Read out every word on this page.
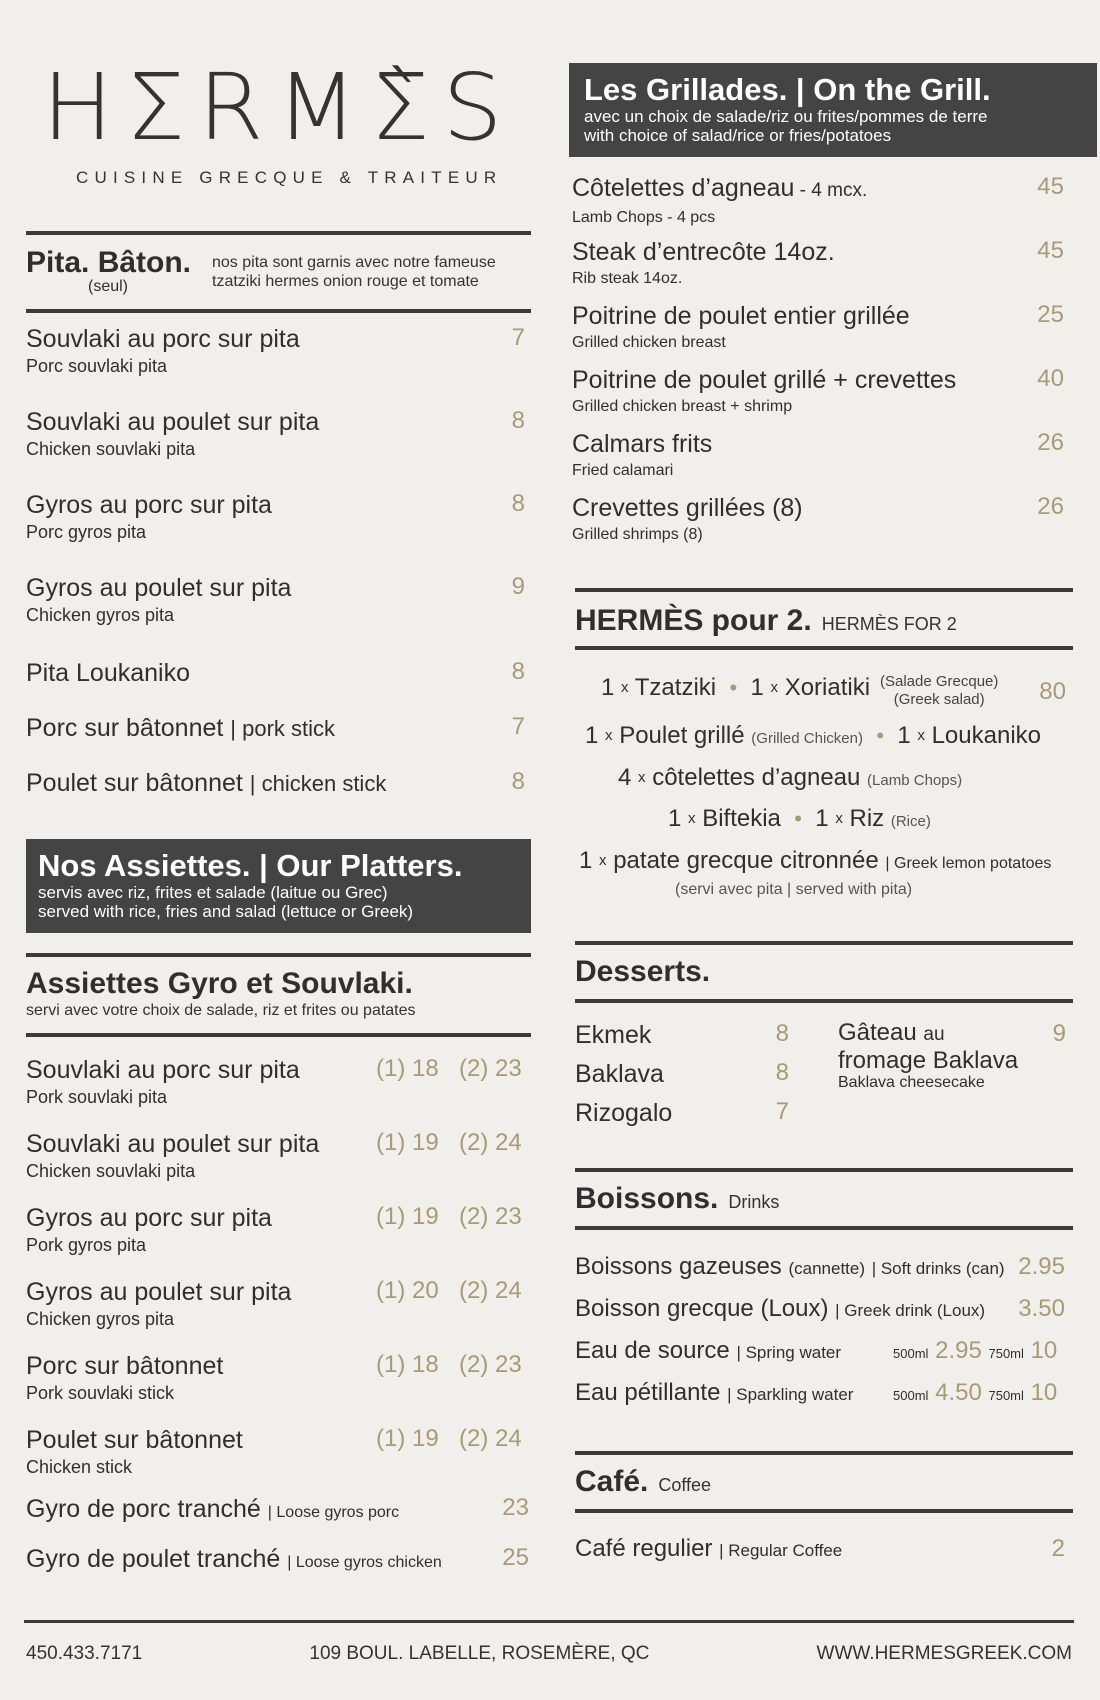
HΣRMΣ̀S
CUISINE GRECQUE & TRAITEUR
Pita. Bâton.
(seul)
nos pita sont garnis avec notre fameuse tzatziki hermes onion rouge et tomate
Souvlaki au porc sur pita
Porc souvlaki pita
7
Souvlaki au poulet sur pita
Chicken souvlaki pita
8
Gyros au porc sur pita
Porc gyros pita
8
Gyros au poulet sur pita
Chicken gyros pita
9
Pita Loukaniko	8
Porc sur bâtonnet | pork stick	7
Poulet sur bâtonnet | chicken stick	8
Nos Assiettes. | Our Platters.
servis avec riz, frites et salade (laitue ou Grec)
served with rice, fries and salad (lettuce or Greek)
Assiettes Gyro et Souvlaki.
servi avec votre choix de salade, riz et frites ou patates
Souvlaki au porc sur pita
Pork souvlaki pita
(1) 18 (2) 23
Souvlaki au poulet sur pita
Chicken souvlaki pita
(1) 19 (2) 24
Gyros au porc sur pita
Pork gyros pita
(1) 19 (2) 23
Gyros au poulet sur pita
Chicken gyros pita
(1) 20 (2) 24
Porc sur bâtonnet
Pork souvlaki stick
(1) 18 (2) 23
Poulet sur bâtonnet
Chicken stick
(1) 19 (2) 24
Gyro de porc tranché | Loose gyros porc	23
Gyro de poulet tranché | Loose gyros chicken	25
Les Grillades. | On the Grill.
avec un choix de salade/riz ou frites/pommes de terre
with choice of salad/rice or fries/potatoes
Côtelettes d’agneau - 4 mcx.
Lamb Chops - 4 pcs
45
Steak d’entrecôte 14oz.
Rib steak 14oz.
45
Poitrine de poulet entier grillée
Grilled chicken breast
25
Poitrine de poulet grillé + crevettes
Grilled chicken breast + shrimp
40
Calmars frits
Fried calamari
26
Crevettes grillées (8)
Grilled shrimps (8)
26
HERMÈS pour 2. HERMÈS FOR 2
1 $^x$ Tzatziki • 1 $^x$ Xoriatiki (Salade Grecque)
(Greek salad)	80
1 $^x$ Poulet grillé (Grilled Chicken) • 1 $^x$ Loukaniko
4 $^x$ côtelettes d’agneau (Lamb Chops)
1 $^x$ Biftekia • 1 $^x$ Riz (Rice)
1 $^x$ patate grecque citronnée | Greek lemon potatoes
(servi avec pita | served with pita)
Desserts.
Ekmek	8
Baklava	8
Rizogalo	7
Gâteau au
fromage Baklava
Baklava cheesecake
9
Boissons. Drinks
Boissons gazeuses (cannette) | Soft drinks (can) 2.95
Boisson grecque (Loux) | Greek drink (Loux) 3.50
Eau de source | Spring water	500ml 2.95 750ml 10
Eau pétillante | Sparkling water	500ml 4.50 750ml 10
Café. Coffee
Café regulier | Regular Coffee	2
450.433.7171	109 BOUL. LABELLE, ROSEMÈRE, QC	WWW.HERMESGREEK.COM
